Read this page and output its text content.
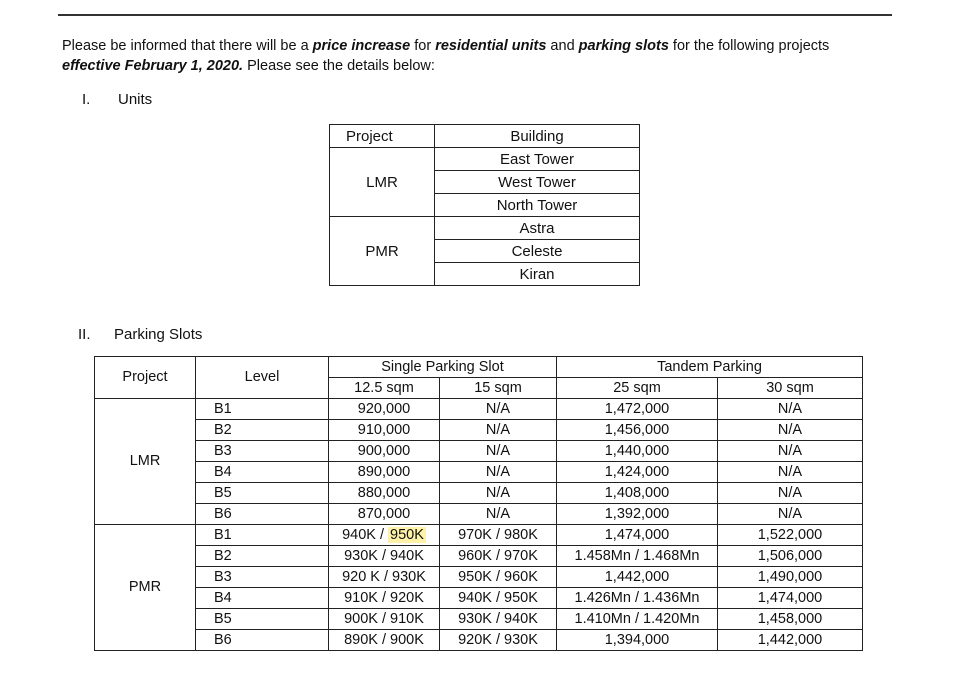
Please be informed that there will be a price increase for residential units and parking slots for the following projects
effective February 1, 2020. Please see the details below:
I. Units
Project	Building
LMR	East Tower
	West Tower
	North Tower
PMR	Astra
	Celeste
	Kiran
II. Parking Slots
Project	Level	Single Parking Slot		Tandem Parking	
		12.5 sqm	15 sqm	25 sqm	30 sqm
LMR	B1	920,000	N/A	1,472,000	N/A
	B2	910,000	N/A	1,456,000	N/A
	B3	900,000	N/A	1,440,000	N/A
	B4	890,000	N/A	1,424,000	N/A
	B5	880,000	N/A	1,408,000	N/A
	B6	870,000	N/A	1,392,000	N/A
PMR	B1	940K / 950K	970K / 980K	1,474,000	1,522,000
	B2	930K / 940K	960K / 970K	1.458Mn / 1.468Mn	1,506,000
	B3	920 K / 930K	950K / 960K	1,442,000	1,490,000
	B4	910K / 920K	940K / 950K	1.426Mn / 1.436Mn	1,474,000
	B5	900K / 910K	930K / 940K	1.410Mn / 1.420Mn	1,458,000
	B6	890K / 900K	920K / 930K	1,394,000	1,442,000
